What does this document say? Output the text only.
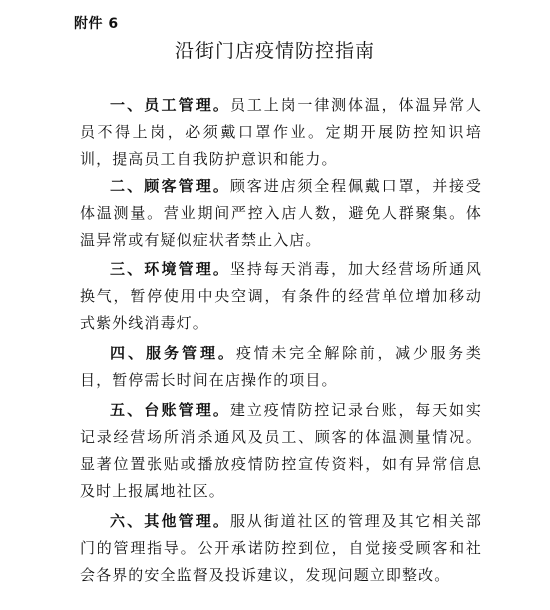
附件 6
沿街门店疫情防控指南

一、员工管理。员工上岗一律测体温，体温异常人员不得上岗，必须戴口罩作业。定期开展防控知识培训，提高员工自我防护意识和能力。

二、顾客管理。顾客进店须全程佩戴口罩，并接受体温测量。营业期间严控入店人数，避免人群聚集。体温异常或有疑似症状者禁止入店。

三、环境管理。坚持每天消毒，加大经营场所通风换气，暂停使用中央空调，有条件的经营单位增加移动式紫外线消毒灯。

四、服务管理。疫情未完全解除前，减少服务类目，暂停需长时间在店操作的项目。

五、台账管理。建立疫情防控记录台账，每天如实记录经营场所消杀通风及员工、顾客的体温测量情况。显著位置张贴或播放疫情防控宣传资料，如有异常信息及时上报属地社区。

六、其他管理。服从街道社区的管理及其它相关部门的管理指导。公开承诺防控到位，自觉接受顾客和社会各界的安全监督及投诉建议，发现问题立即整改。
